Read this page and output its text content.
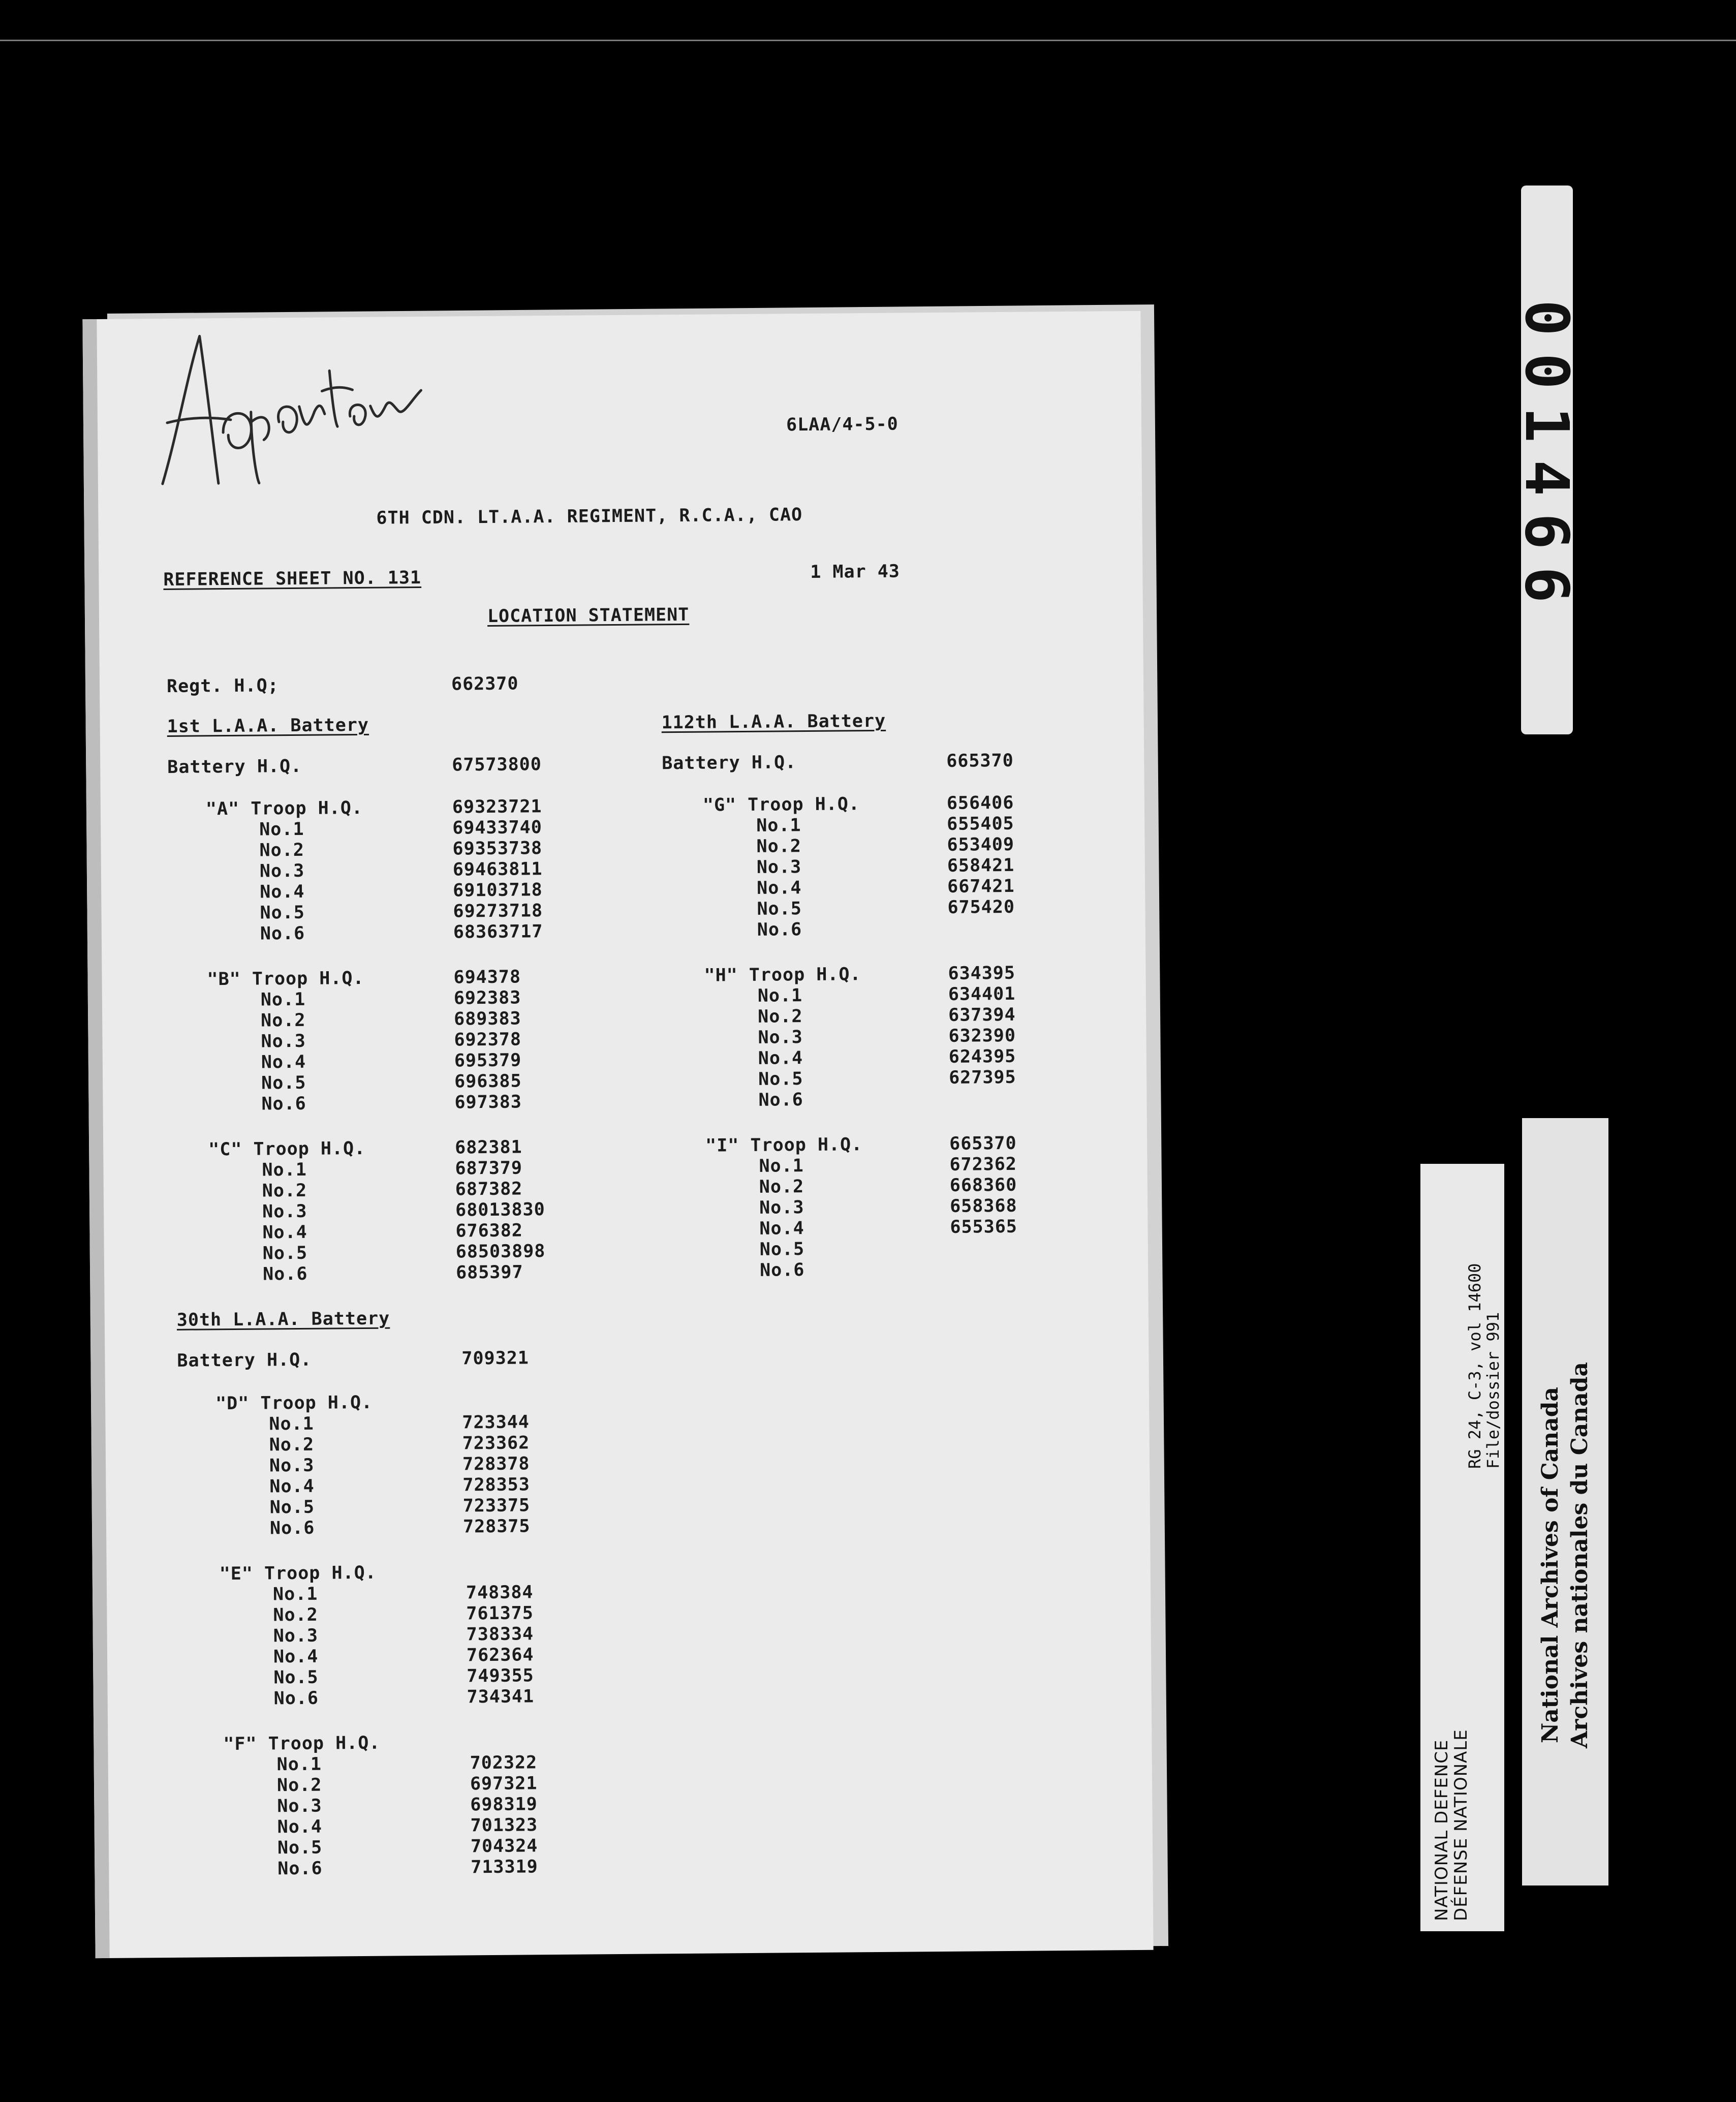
6LAA/4-5-0
6TH CDN. LT.A.A. REGIMENT, R.C.A., CAO
REFERENCE SHEET NO. 131	1 Mar 43
LOCATION STATEMENT
Regt. H.Q;	662370
1st L.A.A. Battery
Battery H.Q.	67573800
"A" Troop H.Q.	69323721
No.1	69433740
No.2	69353738
No.3	69463811
No.4	69103718
No.5	69273718
No.6	68363717
"B" Troop H.Q.	694378
No.1	692383
No.2	689383
No.3	692378
No.4	695379
No.5	696385
No.6	697383
"C" Troop H.Q.	682381
No.1	687379
No.2	687382
No.3	68013830
No.4	676382
No.5	68503898
No.6	685397
30th L.A.A. Battery
Battery H.Q.	709321
"D" Troop H.Q.
No.1	723344
No.2	723362
No.3	728378
No.4	728353
No.5	723375
No.6	728375
"E" Troop H.Q.
No.1	748384
No.2	761375
No.3	738334
No.4	762364
No.5	749355
No.6	734341
"F" Troop H.Q.
No.1	702322
No.2	697321
No.3	698319
No.4	701323
No.5	704324
No.6	713319
112th L.A.A. Battery
Battery H.Q.	665370
"G" Troop H.Q.	656406
No.1	655405
No.2	653409
No.3	658421
No.4	667421
No.5	675420
No.6
"H" Troop H.Q.	634395
No.1	634401
No.2	637394
No.3	632390
No.4	624395
No.5	627395
No.6
"I" Troop H.Q.	665370
No.1	672362
No.2	668360
No.3	658368
No.4	655365
No.5
No.6
001466
NATIONAL DEFENCE
DÉFENSE NATIONALE
RG 24, C-3, vol 14600
File/dossier 991 National Archives of Canada Archives nationales du Canada
